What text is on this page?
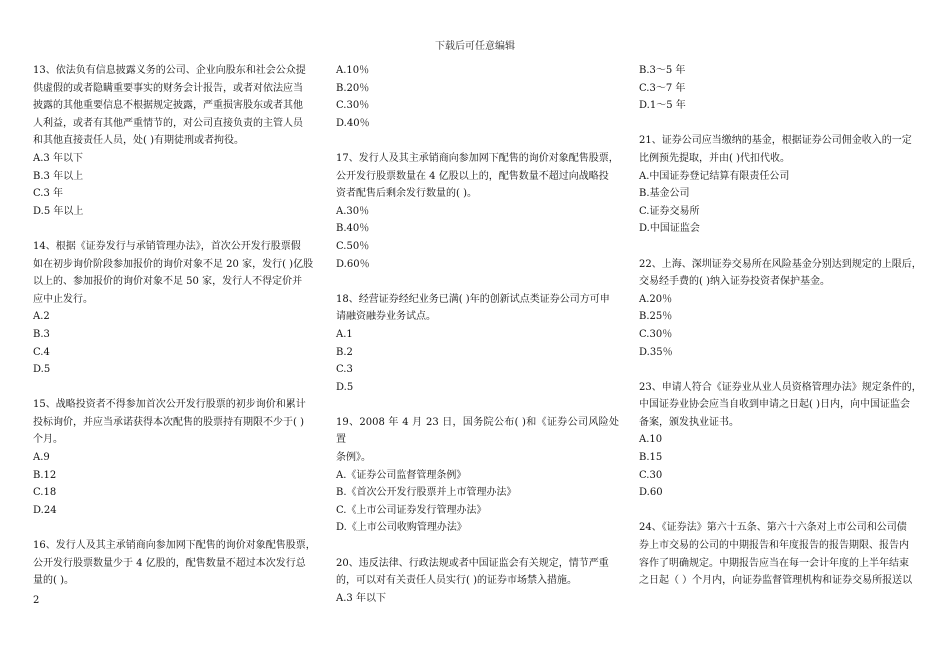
下载后可任意编辑
13、依法负有信息披露义务的公司、企业向股东和社会公众提
供虚假的或者隐瞒重要事实的财务会计报告，或者对依法应当
披露的其他重要信息不根据规定披露，严重损害股东或者其他
人利益，或者有其他严重情节的，对公司直接负责的主管人员
和其他直接责任人员，处( )有期徒刑或者拘役。
A.3 年以下
B.3 年以上
C.3 年
D.5 年以上
14、根据《证券发行与承销管理办法》，首次公开发行股票假
如在初步询价阶段参加报价的询价对象不足 20 家，发行( )亿股
以上的、参加报价的询价对象不足 50 家，发行人不得定价并
应中止发行。
A.2
B.3
C.4
D.5
15、战略投资者不得参加首次公开发行股票的初步询价和累计
投标询价，并应当承诺获得本次配售的股票持有期限不少于( )
个月。
A.9
B.12
C.18
D.24
16、发行人及其主承销商向参加网下配售的询价对象配售股票，
公开发行股票数量少于 4 亿股的，配售数量不超过本次发行总
量的( )。
A.10％
B.20％
C.30％
D.40％
17、发行人及其主承销商向参加网下配售的询价对象配售股票，
公开发行股票数量在 4 亿股以上的，配售数量不超过向战略投
资者配售后剩余发行数量的( )。
A.30％
B.40％
C.50％
D.60％
18、经营证券经纪业务已满( )年的创新试点类证券公司方可申
请融资融券业务试点。
A.1
B.2
C.3
D.5
19、2008 年 4 月 23 日，国务院公布( )和《证券公司风险处置
条例》。
A.《证券公司监督管理条例》
B.《首次公开发行股票并上市管理办法》
C.《上市公司证券发行管理办法》
D.《上市公司收购管理办法》
20、违反法律、行政法规或者中国证监会有关规定，情节严重
的，可以对有关责任人员实行( )的证券市场禁入措施。
A.3 年以下
B.3～5 年
C.3～7 年
D.1～5 年
21、证券公司应当缴纳的基金，根据证券公司佣金收入的一定
比例预先提取，并由( )代扣代收。
A.中国证券登记结算有限责任公司
B.基金公司
C.证券交易所
D.中国证监会
22、上海、深圳证券交易所在风险基金分别达到规定的上限后，
交易经手费的( )纳入证券投资者保护基金。
A.20％
B.25％
C.30％
D.35％
23、申请人符合《证券业从业人员资格管理办法》规定条件的，
中国证券业协会应当自收到申请之日起( )日内，向中国证监会
备案，颁发执业证书。
A.10
B.15
C.30
D.60
24、《证券法》第六十五条、第六十六条对上市公司和公司债
券上市交易的公司的中期报告和年度报告的报告期限、报告内
容作了明确规定。中期报告应当在每一会计年度的上半年结束
之日起（ ）个月内，向证券监督管理机构和证券交易所报送以
2
